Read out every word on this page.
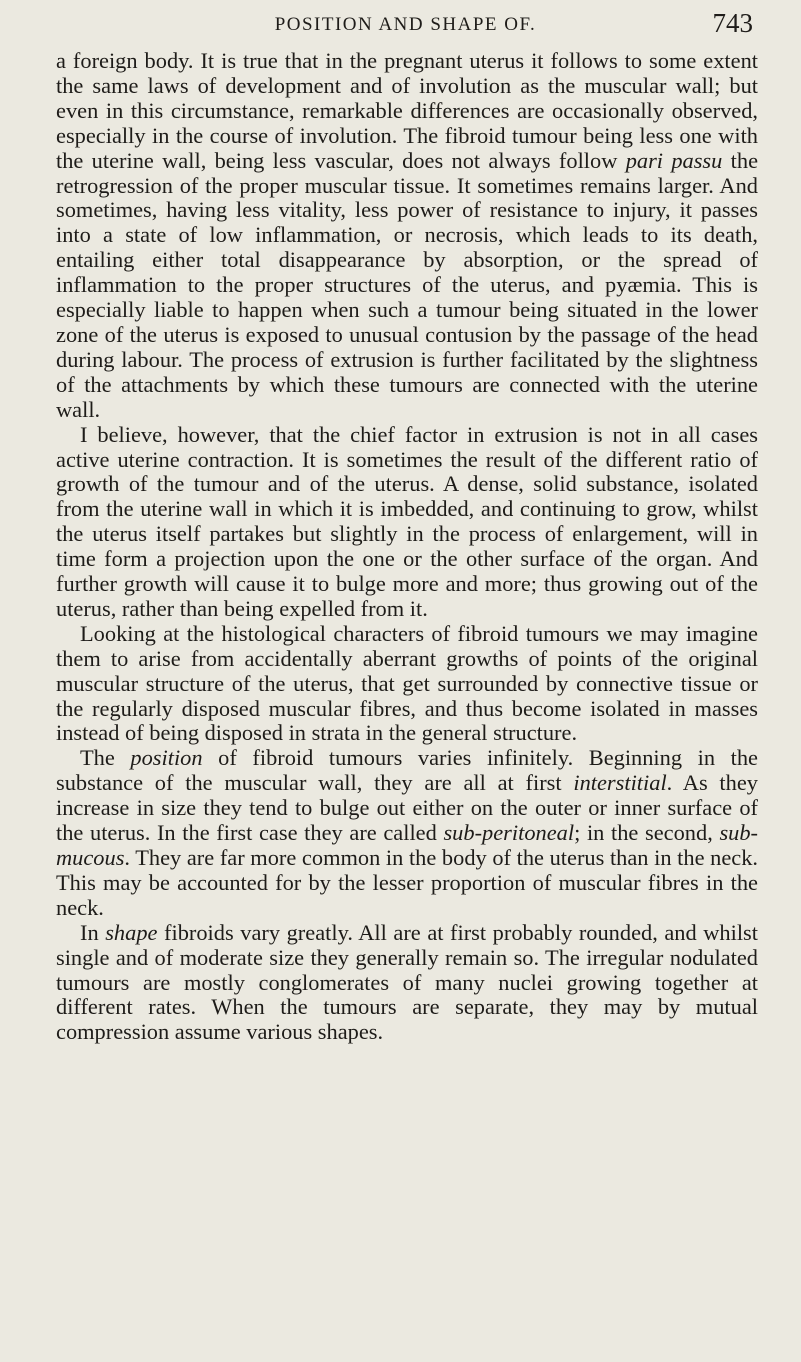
POSITION AND SHAPE OF.	743

a foreign body. It is true that in the pregnant uterus it follows to some extent the same laws of development and of involution as the muscular wall; but even in this circumstance, remarkable differences are occasionally observed, especially in the course of involution. The fibroid tumour being less one with the uterine wall, being less vascular, does not always follow pari passu the retrogression of the proper muscular tissue. It sometimes remains larger. And sometimes, having less vitality, less power of resistance to injury, it passes into a state of low inflammation, or necrosis, which leads to its death, entailing either total disappearance by absorption, or the spread of inflammation to the proper structures of the uterus, and pyæmia. This is especially liable to happen when such a tumour being situated in the lower zone of the uterus is exposed to unusual contusion by the passage of the head during labour. The process of extrusion is further facilitated by the slightness of the attachments by which these tumours are connected with the uterine wall.

I believe, however, that the chief factor in extrusion is not in all cases active uterine contraction. It is sometimes the result of the different ratio of growth of the tumour and of the uterus. A dense, solid substance, isolated from the uterine wall in which it is imbedded, and continuing to grow, whilst the uterus itself partakes but slightly in the process of enlargement, will in time form a projection upon the one or the other surface of the organ. And further growth will cause it to bulge more and more; thus growing out of the uterus, rather than being expelled from it.

Looking at the histological characters of fibroid tumours we may imagine them to arise from accidentally aberrant growths of points of the original muscular structure of the uterus, that get surrounded by connective tissue or the regularly disposed muscular fibres, and thus become isolated in masses instead of being disposed in strata in the general structure.

The position of fibroid tumours varies infinitely. Beginning in the substance of the muscular wall, they are all at first interstitial. As they increase in size they tend to bulge out either on the outer or inner surface of the uterus. In the first case they are called sub-peritoneal; in the second, sub-mucous. They are far more common in the body of the uterus than in the neck. This may be accounted for by the lesser proportion of muscular fibres in the neck.

In shape fibroids vary greatly. All are at first probably rounded, and whilst single and of moderate size they generally remain so. The irregular nodulated tumours are mostly conglomerates of many nuclei growing together at different rates. When the tumours are separate, they may by mutual compression assume various shapes.
